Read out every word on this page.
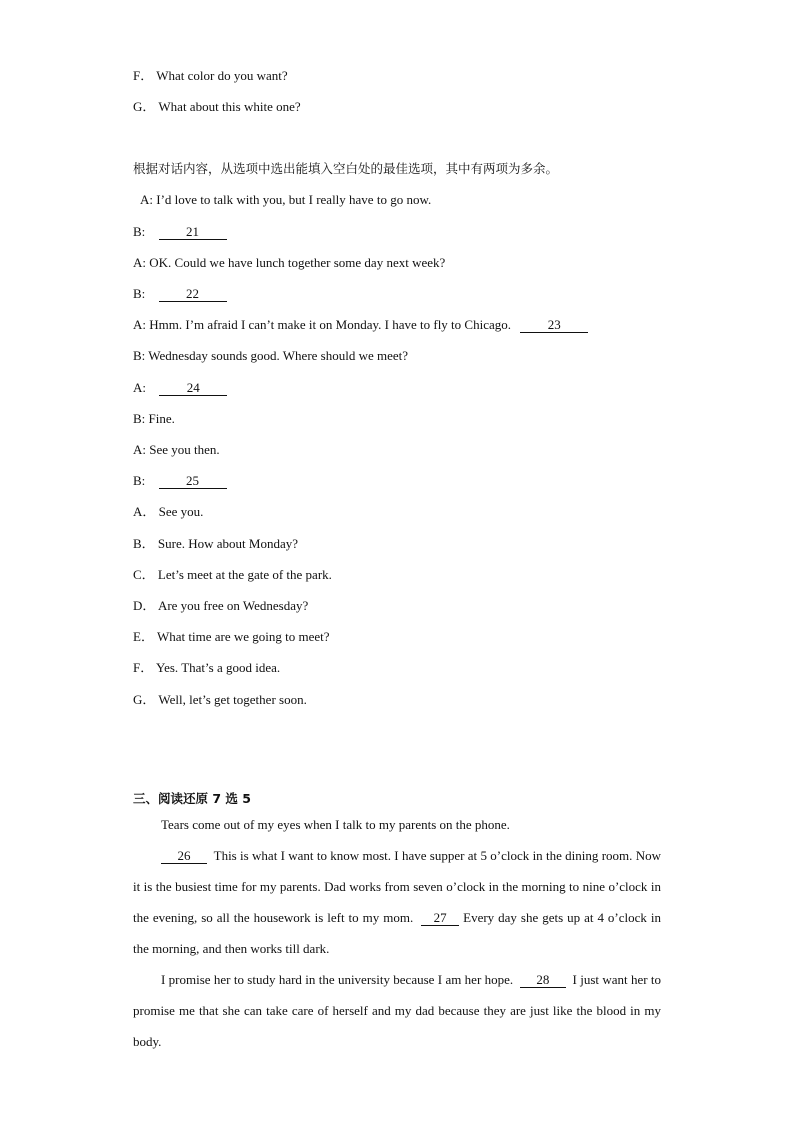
F． What color do you want?
G． What about this white one?
根据对话内容，从选项中选出能填入空白处的最佳选项，其中有两项为多余。
A: I’d love to talk with you, but I really have to go now.
B:	21
A: OK. Could we have lunch together some day next week?
B:	22
A: Hmm. I’m afraid I can’t make it on Monday. I have to fly to Chicago.	23
B: Wednesday sounds good. Where should we meet?
A:	24
B: Fine.
A: See you then.
B:	25
A． See you.
B． Sure. How about Monday?
C． Let’s meet at the gate of the park.
D． Are you free on Wednesday?
E． What time are we going to meet?
F． Yes. That’s a good idea.
G． Well, let’s get together soon.
三、阅读还原 7 选 5

Tears come out of my eyes when I talk to my parents on the phone.

26 This is what I want to know most. I have supper at 5 o’clock in the dining room. Now it is the busiest time for my parents. Dad works from seven o’clock in the morning to nine o’clock in the evening, so all the housework is left to my mom. 27 Every day she gets up at 4 o’clock in the morning, and then works till dark.

I promise her to study hard in the university because I am her hope. 28 I just want her to promise me that she can take care of herself and my dad because they are just like the blood in my body.
